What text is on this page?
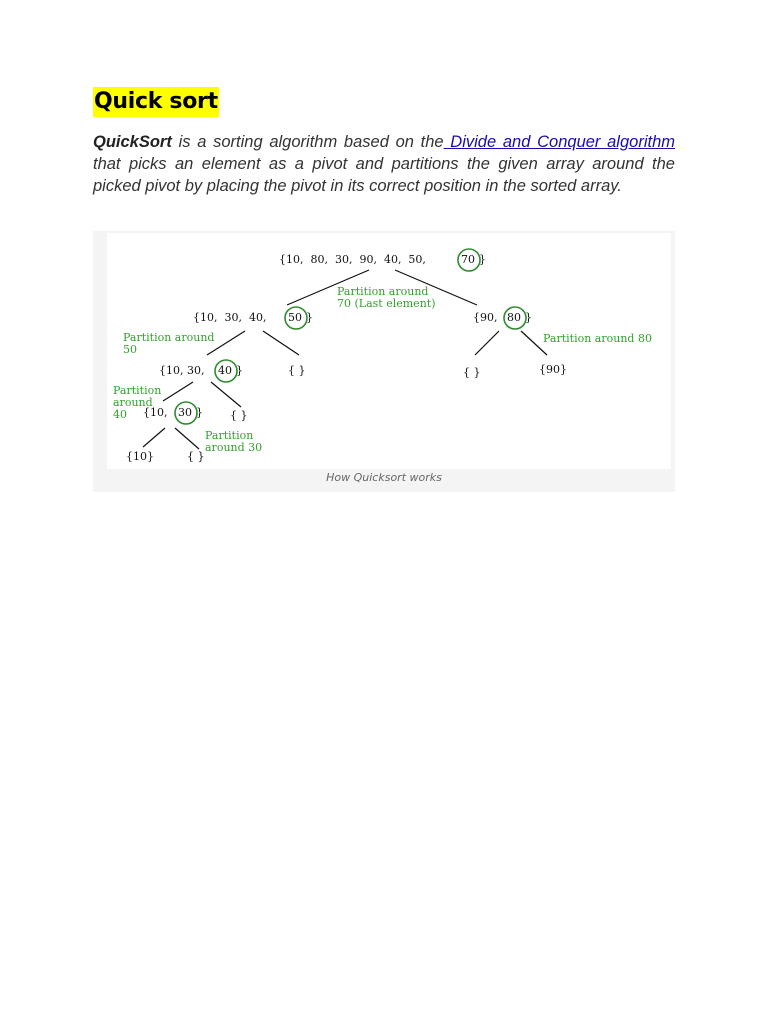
Quick sort

QuickSort is a sorting algorithm based on the Divide and Conquer algorithm that picks an element as a pivot and partitions the given array around the picked pivot by placing the pivot in its correct position in the sorted array.

{10,  80,  30,  90,  40,  50,	70 }
{10,  30,  40, 50 }	{90, 80 }
{10, 30, 40 }	{ }	{ }	{90}
{10, 30 } { }
{10}	{ }
Partition around
70 (Last element)
Partition around
50
Partition around 80
Partition
around
40
Partition
around 30
How Quicksort works
